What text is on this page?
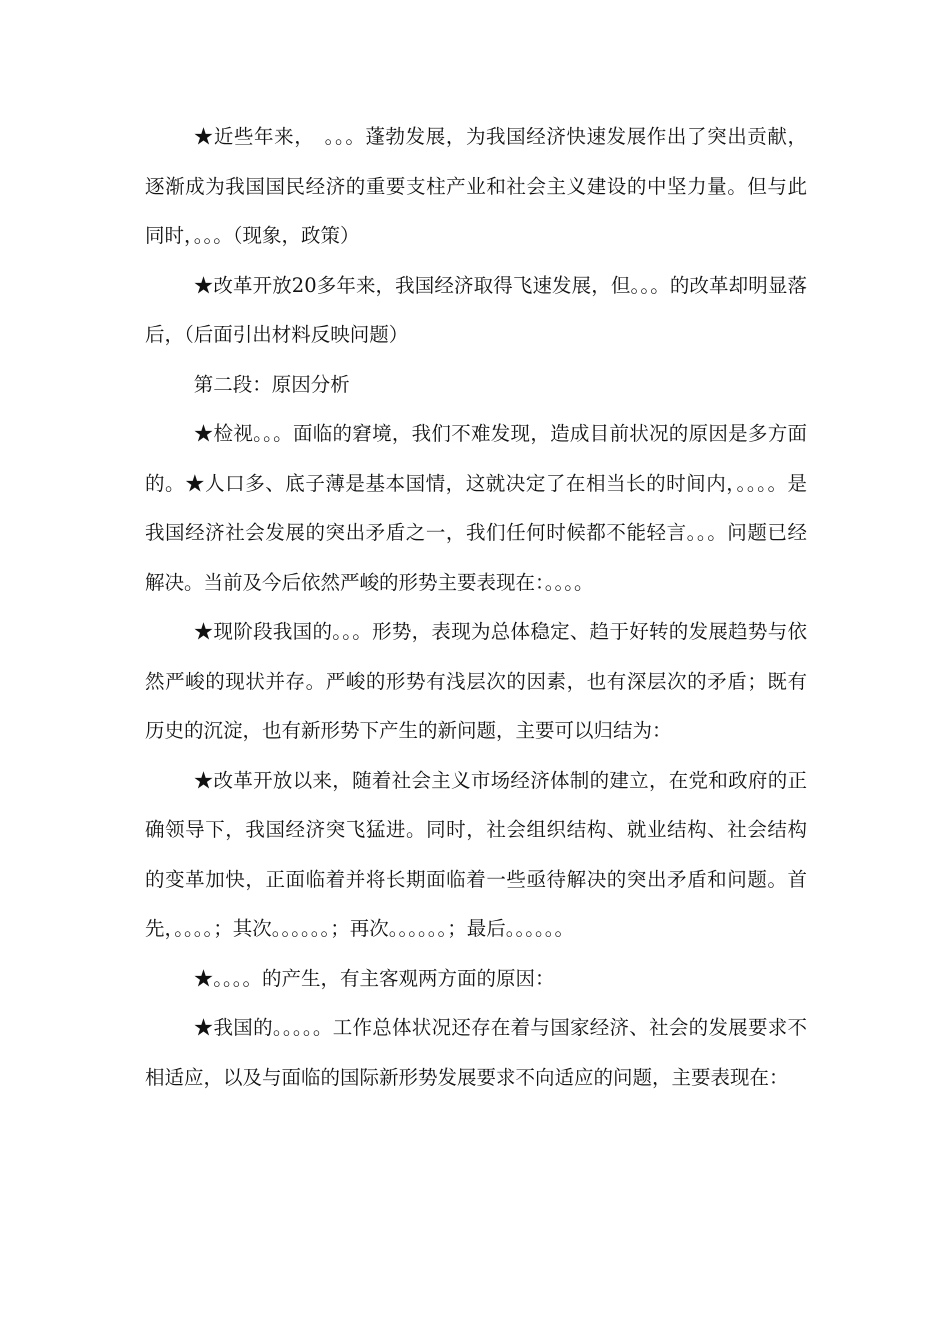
★近些年来，　。。。蓬勃发展，为我国经济快速发展作出了突出贡献，逐渐成为我国国民经济的重要支柱产业和社会主义建设的中坚力量。但与此同时，。。。（现象，政策）

★改革开放20多年来，我国经济取得飞速发展，但。。。的改革却明显落后，（后面引出材料反映问题）

第二段：原因分析

★检视。。。面临的窘境，我们不难发现，造成目前状况的原因是多方面的。★人口多、底子薄是基本国情，这就决定了在相当长的时间内，。。。。是我国经济社会发展的突出矛盾之一，我们任何时候都不能轻言。。。问题已经解决。当前及今后依然严峻的形势主要表现在：。。。。

★现阶段我国的。。。形势，表现为总体稳定、趋于好转的发展趋势与依然严峻的现状并存。严峻的形势有浅层次的因素，也有深层次的矛盾；既有历史的沉淀，也有新形势下产生的新问题，主要可以归结为：

★改革开放以来，随着社会主义市场经济体制的建立，在党和政府的正确领导下，我国经济突飞猛进。同时，社会组织结构、就业结构、社会结构的变革加快，正面临着并将长期面临着一些亟待解决的突出矛盾和问题。首先，。。。。；其次。。。。。。；再次。。。。。。；最后。。。。。。

★。。。。的产生，有主客观两方面的原因：

★我国的。。。。。工作总体状况还存在着与国家经济、社会的发展要求不相适应，以及与面临的国际新形势发展要求不向适应的问题，主要表现在：
